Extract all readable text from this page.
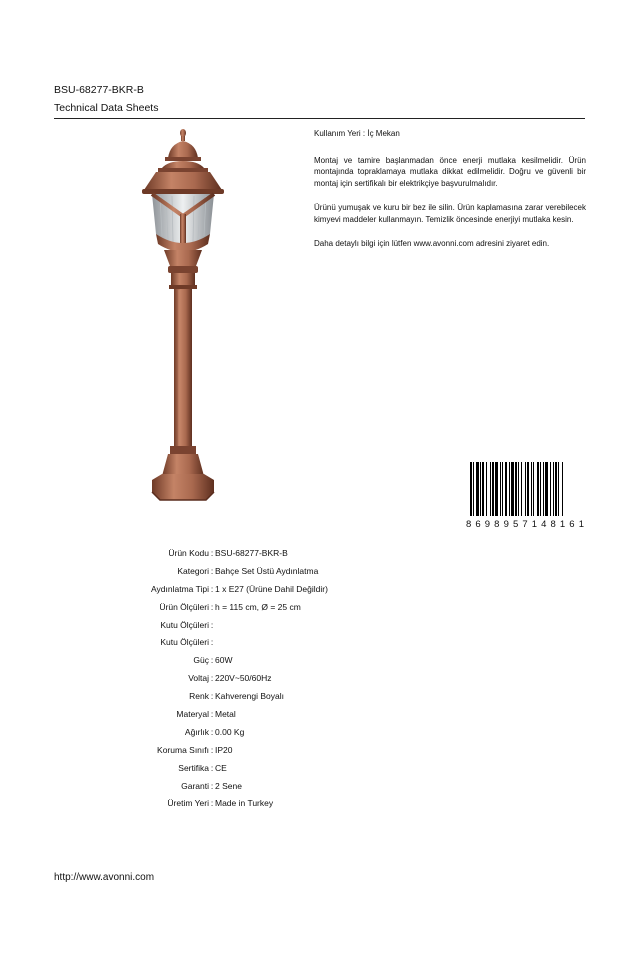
BSU-68277-BKR-B
Technical Data Sheets

Kullanım Yeri : İç Mekan

Montaj ve tamire başlanmadan önce enerji mutlaka kesilmelidir. Ürün montajında topraklamaya mutlaka dikkat edilmelidir. Doğru ve güvenli bir montaj için sertifikalı bir elektrikçiye başvurulmalıdır.

Ürünü yumuşak ve kuru bir bez ile silin. Ürün kaplamasına zarar verebilecek kimyevi maddeler kullanmayın. Temizlik öncesinde enerjiyi mutlaka kesin.

Daha detaylı bilgi için lütfen www.avonni.com adresini ziyaret edin.

8 6 9 8 9 5 7 1 4 8 1 6 1
Ürün Kodu : BSU-68277-BKR-B
Kategori : Bahçe Set Üstü Aydınlatma
Aydınlatma Tipi : 1 x E27 (Ürüne Dahil Değildir)
Ürün Ölçüleri : h = 115 cm, Ø = 25 cm
Kutu Ölçüleri :
Kutu Ölçüleri :
Güç : 60W
Voltaj : 220V~50/60Hz
Renk : Kahverengi Boyalı
Materyal : Metal
Ağırlık : 0.00 Kg
Koruma Sınıfı : IP20
Sertifika : CE
Garanti : 2 Sene
Üretim Yeri : Made in Turkey
http://www.avonni.com
